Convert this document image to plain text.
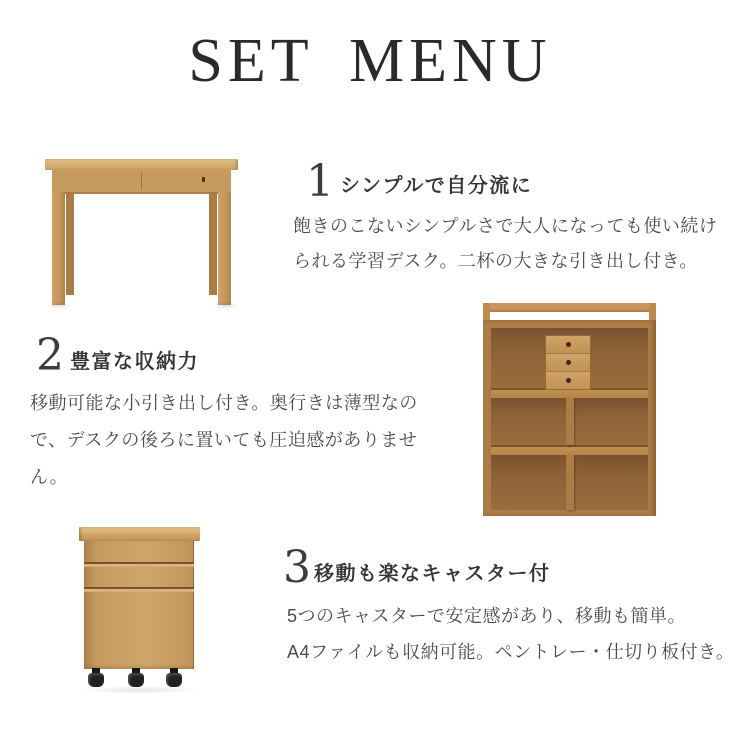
SET MENU
1 シンプルで自分流に
飽きのこないシンプルさで大人になっても使い続け
られる学習デスク。二杯の大きな引き出し付き。
2 豊富な収納力
移動可能な小引き出し付き。奥行きは薄型なの
で、デスクの後ろに置いても圧迫感がありませ
ん。
3 移動も楽なキャスター付
5つのキャスターで安定感があり、移動も簡単。
A4ファイルも収納可能。ペントレー・仕切り板付き。
